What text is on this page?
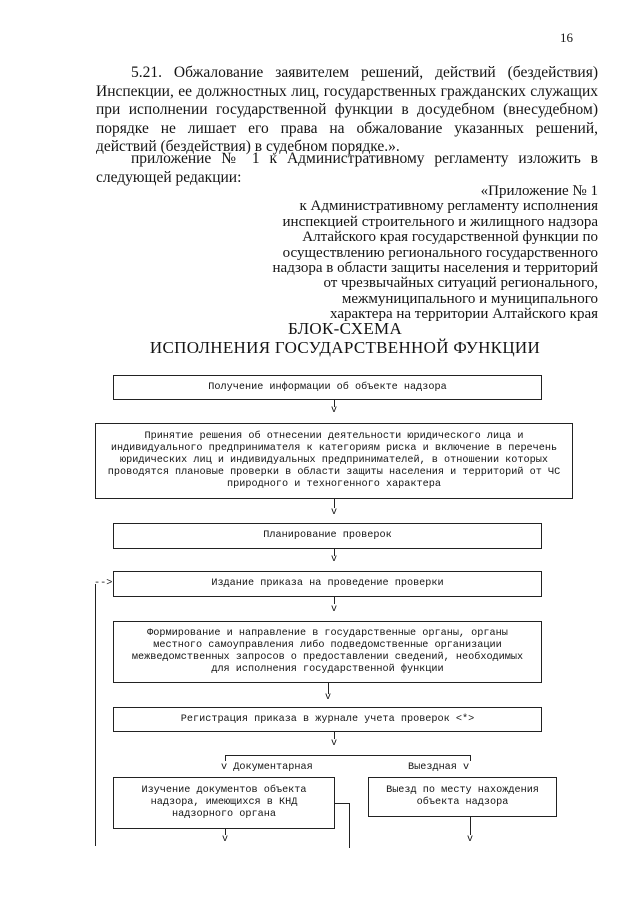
16
5.21. Обжалование заявителем решений, действий (бездействия) Инспекции, ее должностных лиц, государственных гражданских служащих при исполнении государственной функции в досудебном (внесудебном) порядке не лишает его права на обжалование указанных решений, действий (бездействия) в судебном порядке.».
приложение № 1 к Административному регламенту изложить в следующей редакции:
«Приложение № 1
к Административному регламенту исполнения
инспекцией строительного и жилищного надзора
Алтайского края государственной функции по
осуществлению регионального государственного
надзора в области защиты населения и территорий
от чрезвычайных ситуаций регионального,
межмуниципального и муниципального
характера на территории Алтайского края
БЛОК-СХЕМА
ИСПОЛНЕНИЯ ГОСУДАРСТВЕННОЙ ФУНКЦИИ
Получение информации об объекте надзора
v
Принятие решения об отнесении деятельности юридического лица и индивидуального предпринимателя к категориям риска и включение в перечень юридических лиц и индивидуальных предпринимателей, в отношении которых проводятся плановые проверки в области защиты населения и территорий от ЧС природного и техногенного характера
v
Планирование проверок
v
Издание приказа на проведение проверки
v
Формирование и направление в государственные органы, органы местного самоуправления либо подведомственные организации межведомственных запросов о предоставлении сведений, необходимых для исполнения государственной функции
v
Регистрация приказа в журнале учета проверок <*>
v
v Документарная	Выездная v
Изучение документов объекта надзора, имеющихся в КНД надзорного органа
Выезд по месту нахождения объекта надзора
v	v
-->
